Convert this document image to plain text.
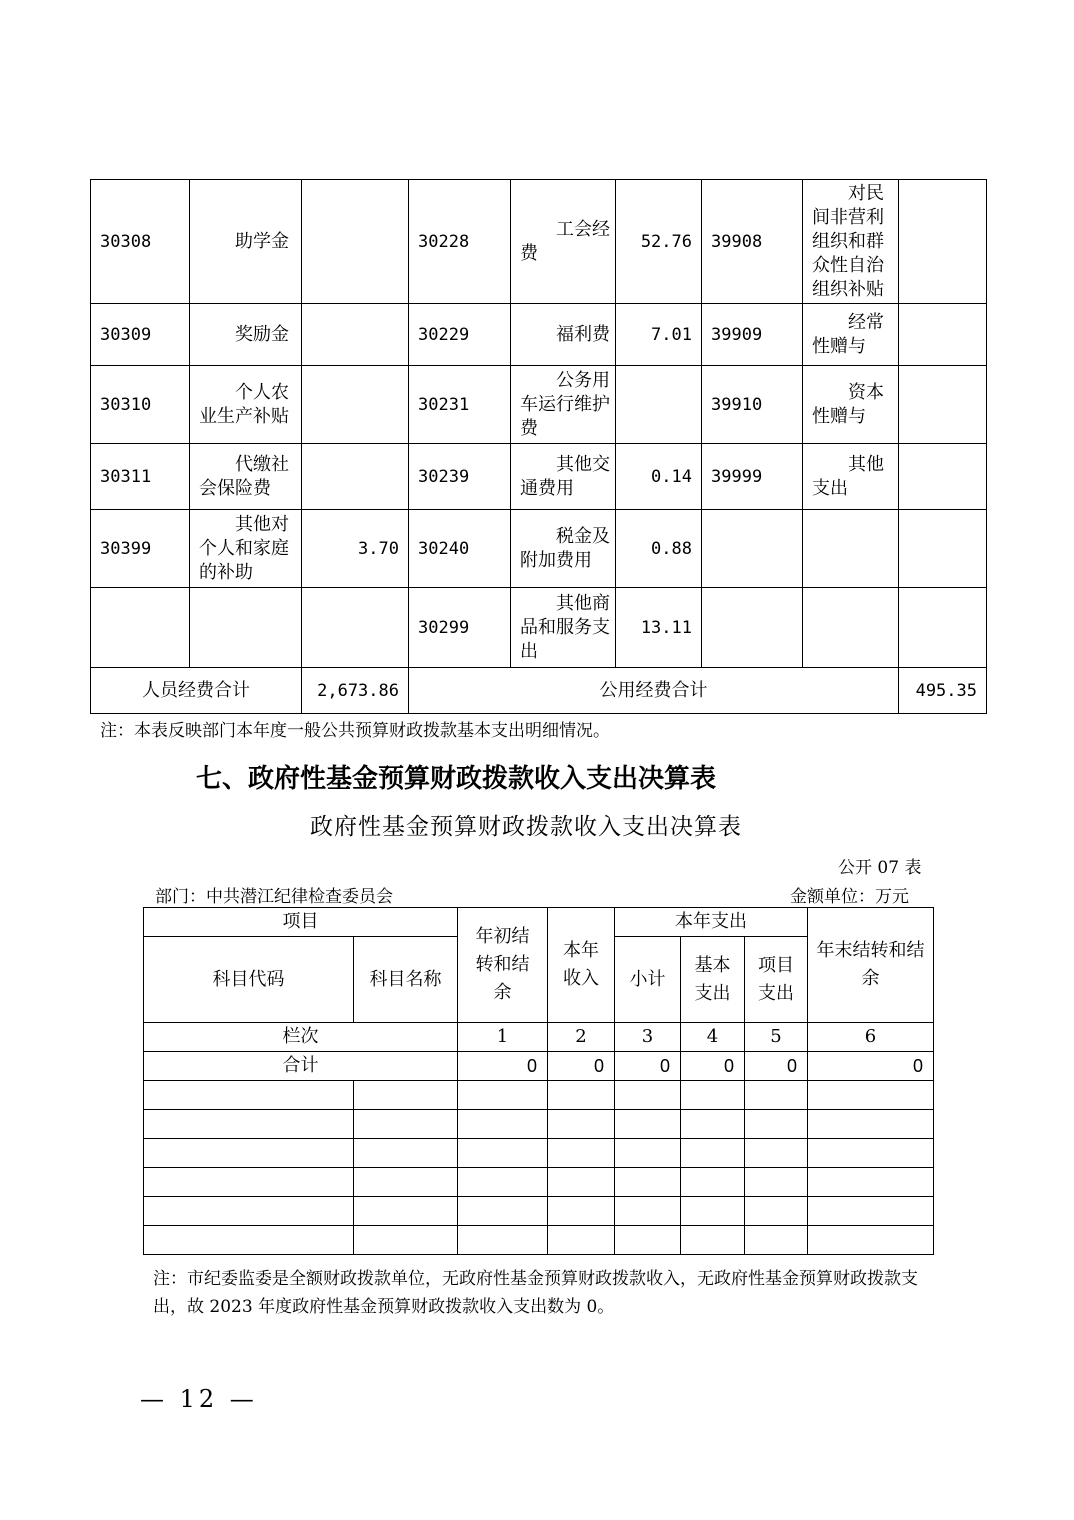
30308	助学金		30228	工会经费	52.76	39908	对民间非营利组织和群众性自治组织补贴	
30309	奖励金		30229	福利费	7.01	39909	经常性赠与	
30310	个人农业生产补贴		30231	公务用车运行维护费		39910	资本性赠与	
30311	代缴社会保险费		30239	其他交通费用	0.14	39999	其他支出	
30399	其他对个人和家庭的补助	3.70	30240	税金及附加费用	0.88			
			30299	其他商品和服务支出	13.11			
人员经费合计		2,673.86	公用经费合计					495.35
注：本表反映部门本年度一般公共预算财政拨款基本支出明细情况。
七、政府性基金预算财政拨款收入支出决算表
政府性基金预算财政拨款收入支出决算表
公开 07 表
部门：中共潜江纪律检查委员会	金额单位：万元
项目		年初结转和结余	本年收入	本年支出			年末结转和结余
科目代码	科目名称			小计	基本支出	项目支出	
栏次		1	2	3	4	5	6
合计		0	0	0	0	0	0

注：市纪委监委是全额财政拨款单位，无政府性基金预算财政拨款收入，无政府性基金预算财政拨款支出，故 2023 年度政府性基金预算财政拨款收入支出数为 0。
— 12 —
